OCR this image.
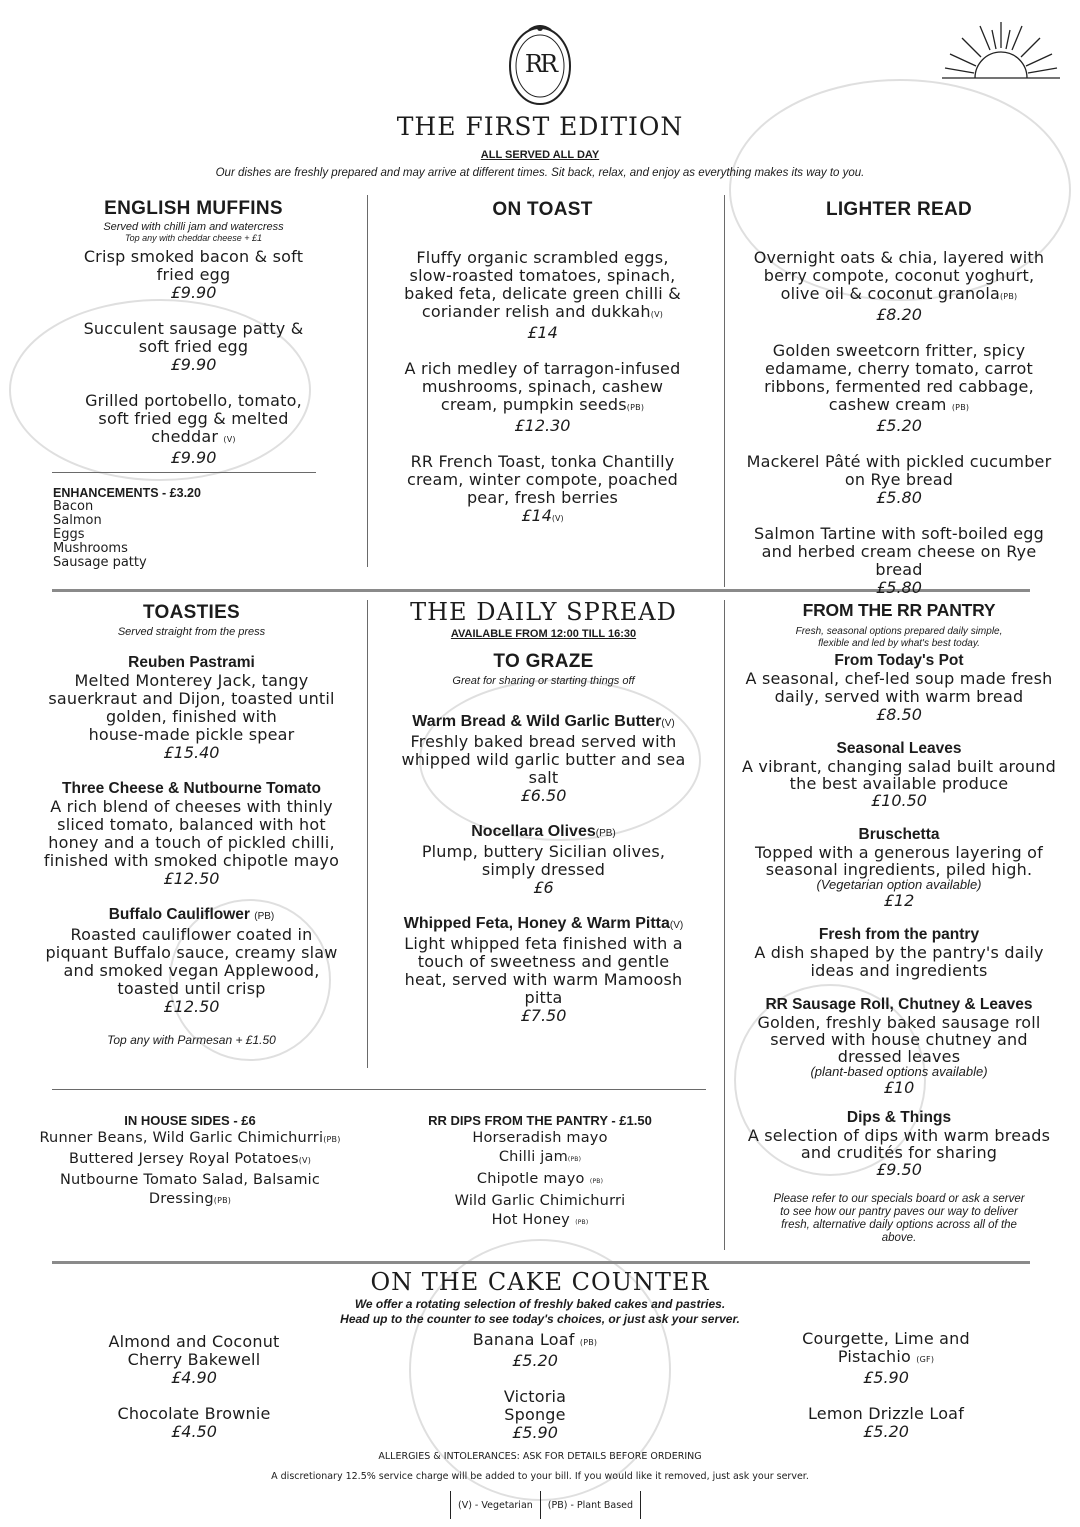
RR
THE FIRST EDITION
ALL SERVED ALL DAY
Our dishes are freshly prepared and may arrive at different times. Sit back, relax, and enjoy as everything makes its way to you.
ENGLISH MUFFINS
Served with chilli jam and watercress
Top any with cheddar cheese + £1
Crisp smoked bacon & soft
fried egg
£9.90
Succulent sausage patty &
soft fried egg
£9.90
Grilled portobello, tomato,
soft fried egg & melted
cheddar (V)
£9.90
ENHANCEMENTS - £3.20
Bacon
Salmon
Eggs
Mushrooms
Sausage patty
ON TOAST
Fluffy organic scrambled eggs,
slow-roasted tomatoes, spinach,
baked feta, delicate green chilli &
coriander relish and dukkah(V)
£14
A rich medley of tarragon-infused
mushrooms, spinach, cashew
cream, pumpkin seeds(PB)
£12.30
RR French Toast, tonka Chantilly
cream, winter compote, poached
pear, fresh berries
£14(V)
LIGHTER READ
Overnight oats & chia, layered with
berry compote, coconut yoghurt,
olive oil & coconut granola(PB)
£8.20
Golden sweetcorn fritter, spicy
edamame, cherry tomato, carrot
ribbons, fermented red cabbage,
cashew cream (PB)
£5.20
Mackerel Pâté with pickled cucumber
on Rye bread
£5.80
Salmon Tartine with soft-boiled egg
and herbed cream cheese on Rye
bread
£5.80
TOASTIES
Served straight from the press
Reuben Pastrami
Melted Monterey Jack, tangy
sauerkraut and Dijon, toasted until
golden, finished with
house-made pickle spear
£15.40
Three Cheese & Nutbourne Tomato
A rich blend of cheeses with thinly
sliced tomato, balanced with hot
honey and a touch of pickled chilli,
finished with smoked chipotle mayo
£12.50
Buffalo Cauliflower (PB)
Roasted cauliflower coated in
piquant Buffalo sauce, creamy slaw
and smoked vegan Applewood,
toasted until crisp
£12.50
Top any with Parmesan + £1.50
THE DAILY SPREAD
AVAILABLE FROM 12:00 TILL 16:30
TO GRAZE
Great for sharing or starting things off
Warm Bread & Wild Garlic Butter(V)
Freshly baked bread served with
whipped wild garlic butter and sea
salt
£6.50
Nocellara Olives(PB)
Plump, buttery Sicilian olives,
simply dressed
£6
Whipped Feta, Honey & Warm Pitta(V)
Light whipped feta finished with a
touch of sweetness and gentle
heat, served with warm Mamoosh
pitta
£7.50
FROM THE RR PANTRY
Fresh, seasonal options prepared daily simple,
flexible and led by what's best today.
From Today's Pot
A seasonal, chef-led soup made fresh
daily, served with warm bread
£8.50
Seasonal Leaves
A vibrant, changing salad built around
the best available produce
£10.50
Bruschetta
Topped with a generous layering of
seasonal ingredients, piled high.
(Vegetarian option available)
£12
Fresh from the pantry
A dish shaped by the pantry's daily
ideas and ingredients
RR Sausage Roll, Chutney & Leaves
Golden, freshly baked sausage roll
served with house chutney and
dressed leaves
(plant-based options available)
£10
Dips & Things
A selection of dips with warm breads
and crudités for sharing
£9.50
Please refer to our specials board or ask a server
to see how our pantry paves our way to deliver
fresh, alternative daily options across all of the
above.
IN HOUSE SIDES - £6
Runner Beans, Wild Garlic Chimichurri(PB)
Buttered Jersey Royal Potatoes(V)
Nutbourne Tomato Salad, Balsamic
Dressing(PB)
RR DIPS FROM THE PANTRY - £1.50
Horseradish mayo
Chilli jam(PB)
Chipotle mayo (PB)
Wild Garlic Chimichurri
Hot Honey (PB)
ON THE CAKE COUNTER
We offer a rotating selection of freshly baked cakes and pastries.
Head up to the counter to see today's choices, or just ask your server.
Almond and Coconut
Cherry Bakewell
£4.90
Chocolate Brownie
£4.50
Banana Loaf (PB)
£5.20
Victoria
Sponge
£5.90
Courgette, Lime and
Pistachio (GF)
£5.90
Lemon Drizzle Loaf
£5.20
ALLERGIES & INTOLERANCES: ASK FOR DETAILS BEFORE ORDERING
A discretionary 12.5% service charge will be added to your bill. If you would like it removed, just ask your server.
(V) - Vegetarian	(PB) - Plant Based
